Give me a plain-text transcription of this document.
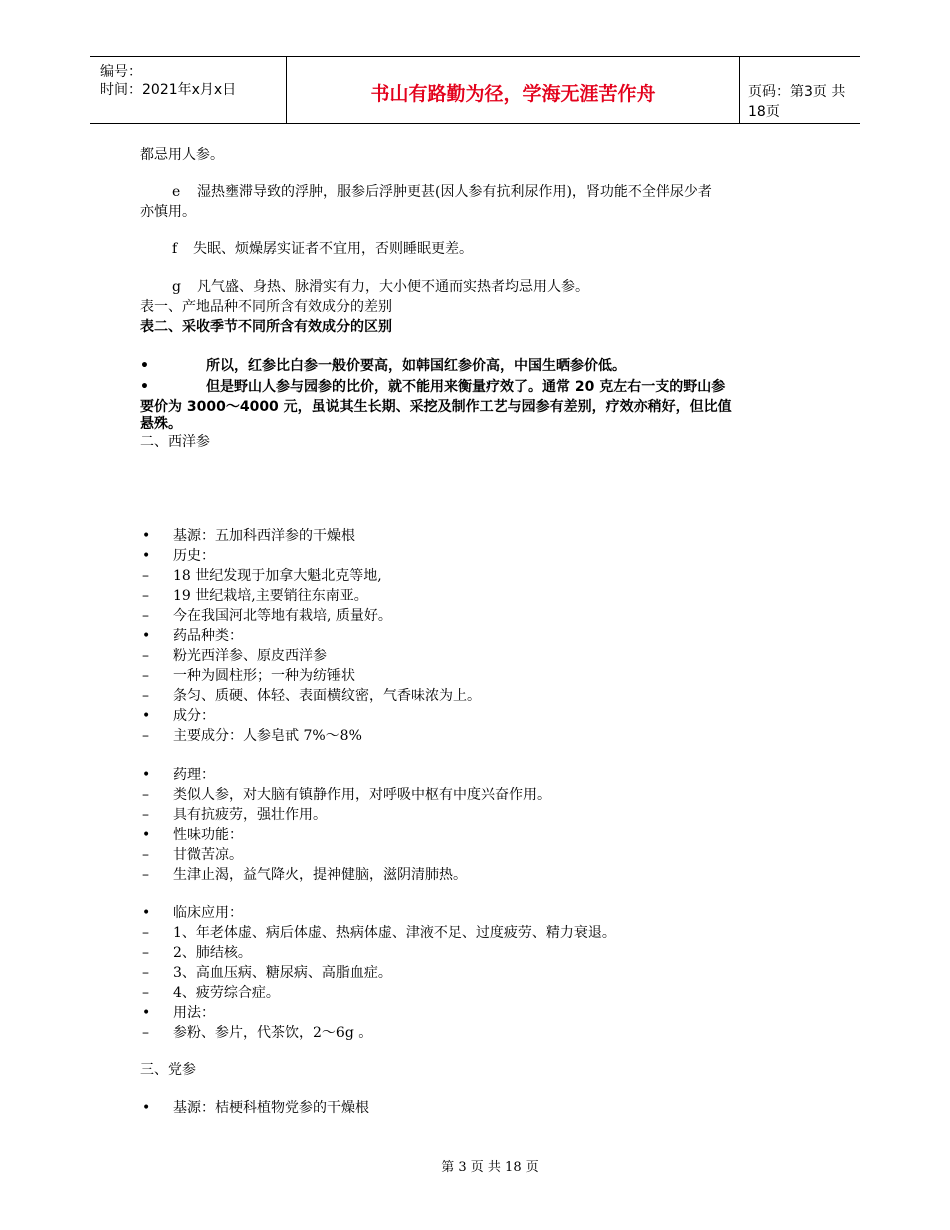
编号：
时间：2021年x月x日	书山有路勤为径，学海无涯苦作舟	页码：第3页 共18页
都忌用人参。
e 湿热壅滞导致的浮肿，服参后浮肿更甚(因人参有抗利尿作用)，肾功能不全伴尿少者
亦慎用。
f 失眠、烦燥孱实证者不宜用，否则睡眠更差。
g 凡气盛、身热、脉滑实有力，大小便不通而实热者均忌用人参。
表一、产地品种不同所含有效成分的差别
表二、采收季节不同所含有效成分的区别
•	所以，红参比白参一般价要高，如韩国红参价高，中国生晒参价低。
•	但是野山人参与园参的比价，就不能用来衡量疗效了。通常 20 克左右一支的野山参
要价为 3000～4000 元，虽说其生长期、采挖及制作工艺与园参有差别，疗效亦稍好，但比值
悬殊。
二、西洋参
• 基源：五加科西洋参的干燥根
• 历史：
– 18 世纪发现于加拿大魁北克等地,
– 19 世纪栽培,主要销往东南亚。
– 今在我国河北等地有栽培, 质量好。
• 药品种类：
– 粉光西洋参、原皮西洋参
– 一种为圆柱形；一种为纺锤状
– 条匀、质硬、体轻、表面横纹密，气香味浓为上。
• 成分：
– 主要成分：人参皂甙 7%～8%
• 药理：
– 类似人参，对大脑有镇静作用，对呼吸中枢有中度兴奋作用。
– 具有抗疲劳，强壮作用。
• 性味功能：
– 甘微苦凉。
– 生津止渴，益气降火，提神健脑，滋阴清肺热。
• 临床应用：
– 1、年老体虚、病后体虚、热病体虚、津液不足、过度疲劳、精力衰退。
– 2、肺结核。
– 3、高血压病、糖尿病、高脂血症。
– 4、疲劳综合症。
• 用法：
– 参粉、参片，代茶饮，2～6g 。
三、党参
• 基源：桔梗科植物党参的干燥根
第 3 页 共 18 页
